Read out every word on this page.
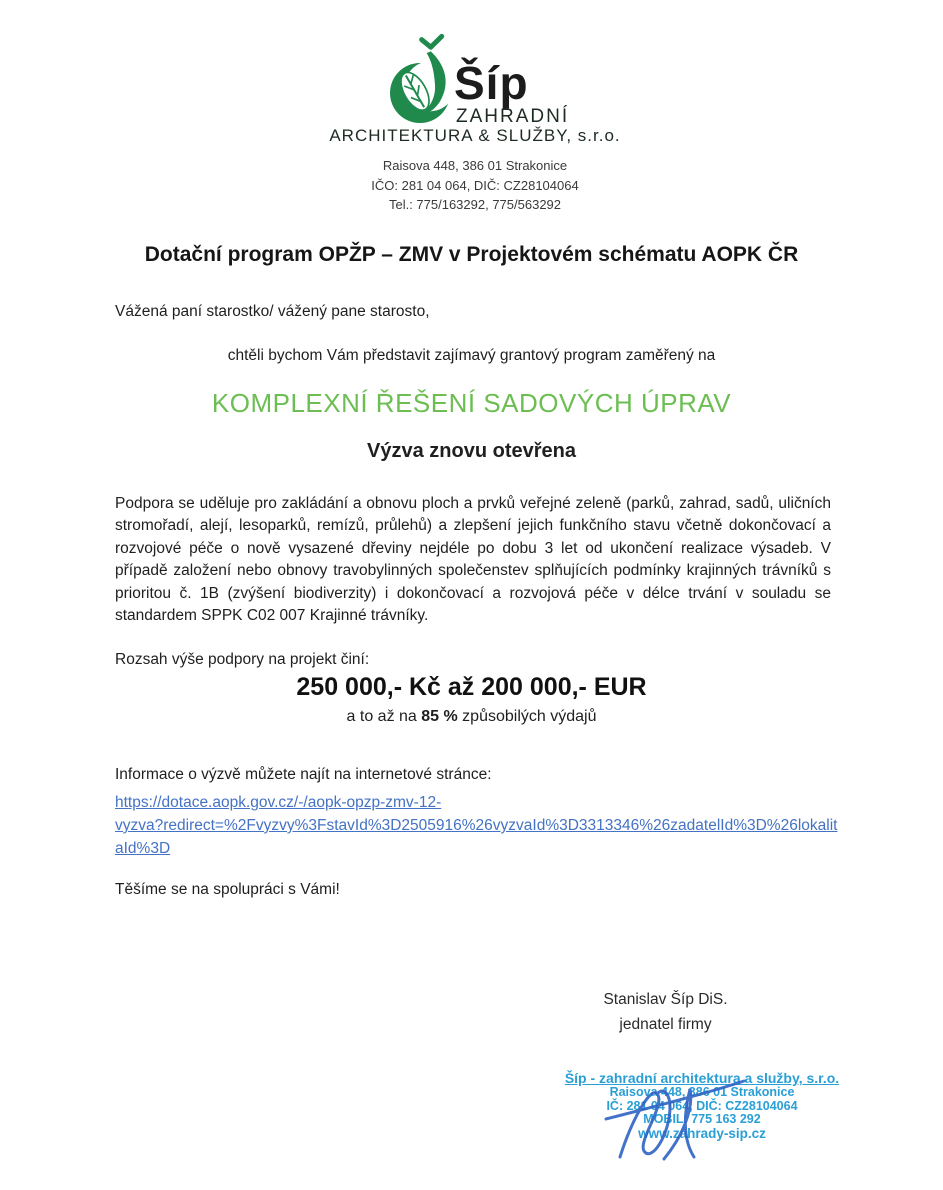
Šíp
ZAHRADNÍ
ARCHITEKTURA & SLUŽBY, s.r.o.
Raisova 448, 386 01 Strakonice
IČO: 281 04 064, DIČ: CZ28104064
Tel.: 775/163292, 775/563292
Dotační program OPŽP – ZMV v Projektovém schématu AOPK ČR
Vážená paní starostko/ vážený pane starosto,
chtěli bychom Vám představit zajímavý grantový program zaměřený na
KOMPLEXNÍ ŘEŠENÍ SADOVÝCH ÚPRAV
Výzva znovu otevřena
Podpora se uděluje pro zakládání a obnovu ploch a prvků veřejné zeleně (parků, zahrad, sadů, uličních stromořadí, alejí, lesoparků, remízů, průlehů) a zlepšení jejich funkčního stavu včetně dokončovací a rozvojové péče o nově vysazené dřeviny nejdéle po dobu 3 let od ukončení realizace výsadeb. V případě založení nebo obnovy travobylinných společenstev splňujících podmínky krajinných trávníků s prioritou č. 1B (zvýšení biodiverzity) i dokončovací a rozvojová péče v délce trvání v souladu se standardem SPPK C02 007 Krajinné trávníky.
Rozsah výše podpory na projekt činí:
250 000,- Kč až 200 000,- EUR
a to až na 85 % způsobilých výdajů
Informace o výzvě můžete najít na internetové stránce:
https://dotace.aopk.gov.cz/-/aopk-opzp-zmv-12-
vyzva?redirect=%2Fvyzvy%3FstavId%3D2505916%26vyzvaId%3D3313346%26zadatelId%3D%26lokalit
aId%3D
Těšíme se na spolupráci s Vámi!
Stanislav Šíp DiS.
jednatel firmy
Šíp - zahradní architektura a služby, s.r.o.
Raisova 448, 386 01 Strakonice
IČ: 281 04 064, DIČ: CZ28104064
MOBIL: 775 163 292
www.zahrady-sip.cz
